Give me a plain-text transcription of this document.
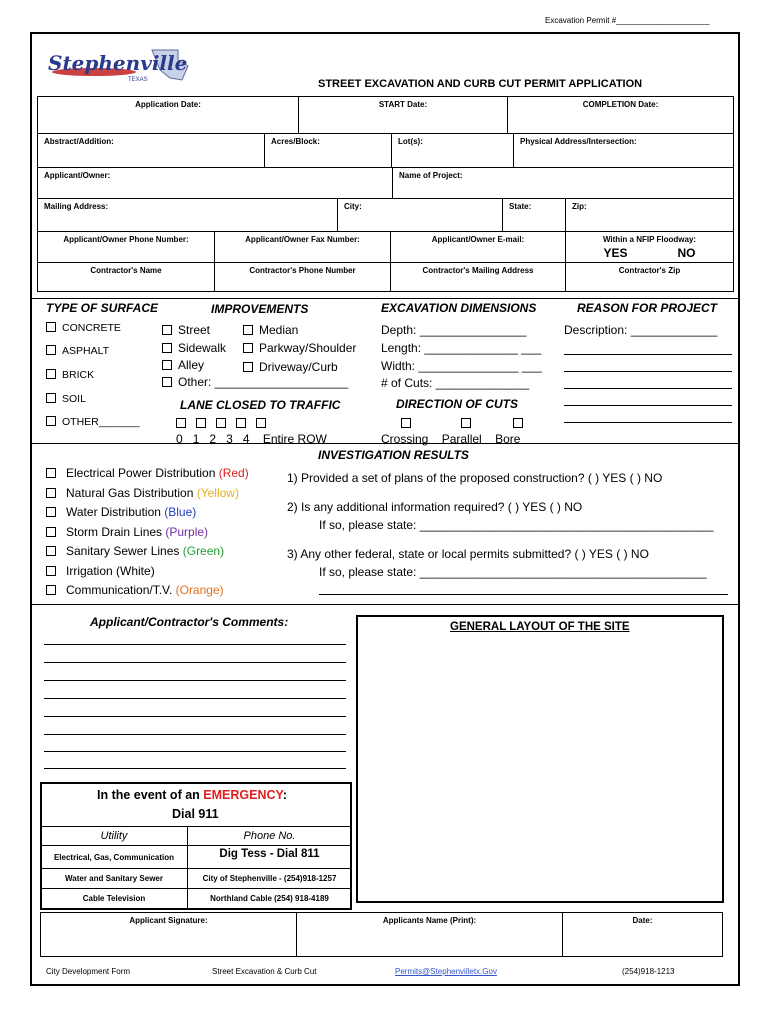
Excavation Permit #_____________________
Stephenville
TEXAS	STREET EXCAVATION AND CURB CUT PERMIT APPLICATION
Application Date:	START Date:	COMPLETION Date:
Abstract/Addition:	Acres/Block:	Lot(s):	Physical Address/Intersection:
Applicant/Owner:	Name of Project:
Mailing Address:	City:	State:	Zip:
Applicant/Owner Phone Number:	Applicant/Owner Fax Number:	Applicant/Owner E-mail:	Within a NFIP Floodway:
YES	NO
Contractor's Name	Contractor's Phone Number	Contractor's Mailing Address	Contractor's Zip
TYPE OF SURFACE
CONCRETE
ASPHALT
BRICK
SOIL
OTHER_______
IMPROVEMENTS
Street
Sidewalk
Alley
Other: ____________________
Median
Parkway/Shoulder
Driveway/Curb
LANE CLOSED TO TRAFFIC
0 1 2 3 4 Entire ROW
EXCAVATION DIMENSIONS
Depth: ________________
Length: ______________ ___
Width: _______________ ___
# of Cuts: ______________
DIRECTION OF CUTS
Crossing Parallel Bore
REASON FOR PROJECT
Description: _____________
INVESTIGATION RESULTS
Electrical Power Distribution (Red)
Natural Gas Distribution (Yellow)
Water Distribution (Blue)
Storm Drain Lines (Purple)
Sanitary Sewer Lines (Green)
Irrigation (White)
Communication/T.V. (Orange)
1) Provided a set of plans of the proposed construction? ( ) YES ( ) NO
2) Is any additional information required? ( ) YES ( ) NO
If so, please state: ____________________________________________
3) Any other federal, state or local permits submitted? ( ) YES ( ) NO
If so, please state: ___________________________________________
Applicant/Contractor's Comments:	GENERAL LAYOUT OF THE SITE
In the event of an EMERGENCY:
Dial 911
Utility	Phone No.
Electrical, Gas, Communication	Dig Tess - Dial 811
Water and Sanitary Sewer	City of Stephenville - (254)918-1257
Cable Television	Northland Cable (254) 918-4189
Applicant Signature:	Applicants Name (Print):	Date:
City Development Form	Street Excavation & Curb Cut	Permits@Stephenvilletx.Gov	(254)918-1213
